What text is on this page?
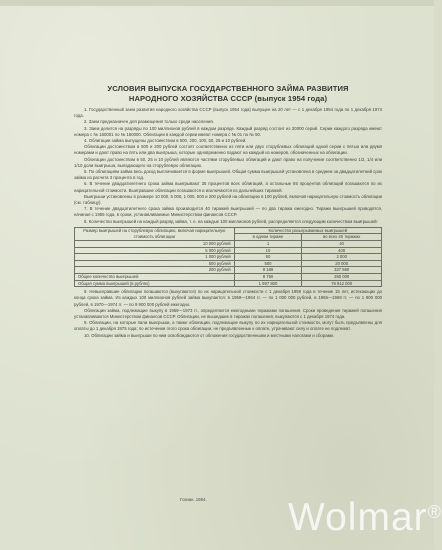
УСЛОВИЯ ВЫПУСКА ГОСУДАРСТВЕННОГО ЗАЙМА РАЗВИТИЯ
НАРОДНОГО ХОЗЯЙСТВА СССР (выпуск 1954 года)

1. Государственный заем развития народного хозяйства СССР (выпуск 1954 года) выпущен на 20 лет — с 1 декабря 1954 года по 1 декабря 1974 года.

2. Заем предназначен для размещения только среди населения.

3. Заем делится на разряды по 100 миллионов рублей в каждом разряде. Каждый разряд состоит из 20000 серий. Серии каждого разряда имеют номера с № 160001 по № 180000. Облигации в каждой серии имеют номера с № 01 по № 50.

4. Облигации займа выпущены достоинством в 500, 200, 100, 50, 25 и 10 рублей.

Облигации достоинством в 500 и 200 рублей состоят соответственно из пяти или двух сторублевых облигаций одной серии с пятью или двумя номерами и дают право на пять или два выигрыша, которые одновременно падают на каждый из номеров, обозначенных на облигации.

Облигации достоинством в 50, 25 и 10 рублей являются частями сторублевых облигаций и дают право на получение соответственно 1/2, 1/4 или 1/10 доли выигрыша, выпадающего на сторублевую облигацию.

5. По облигациям займа весь доход выплачивается в форме выигрышей. Общая сумма выигрышей установлена в среднем за двадцатилетний срок займа из расчета 3 процента в год.

6. В течение двадцатилетнего срока займа выигрывают 35 процентов всех облигаций, а остальные 65 процентов облигаций погашаются по их нарицательной стоимости. Выигравшие облигации погашаются и исключаются из дальнейших тиражей.

Выигрыши установлены в размере 10 000, 5 000, 1 000, 500 и 200 рублей на облигацию в 100 рублей, включая нарицательную стоимость облигации (см. таблицу).

7. В течение двадцатилетнего срока займа производится 40 тиражей выигрышей — по два тиража ежегодно. Тиражи выигрышей проводятся, начиная с 1955 года, в сроки, устанавливаемые Министерством финансов СССР.

8. Количество выигрышей на каждый разряд займа, т. е. на каждые 100 миллионов рублей, распределяется следующим количеством выигрышей:

Размер выигрышей на сторублевую облигацию, включая нарицательную стоимость облигации	Количество разыгрываемых выигрышей	
	в одном тираже	во всех 40 тиражах
10 000 рублей	1	40
5 000 рублей	10	400
1 000 рублей	50	2 000
500 рублей	500	20 000
200 рублей	8 189	327 560
Общее количество выигрышей	8 750	350 000
Общая сумма выигрышей (в рублях)	1 997 800	79 912 000

9. Невыигравшие облигации погашаются (выкупаются) по их нарицательной стоимости с 1 декабря 1959 года в течение 15 лет, истекающих до конца срока займа. Из каждых 100 миллионов рублей займа выкупается: в 1959—1964 гг. — по 1 000 000 рублей, в 1965—1969 гг. — по 1 900 000 рублей, в 1970—1974 гг. — по 9 900 000 рублей ежегодно.

Облигации займа, подлежащие выкупу в 1959—1973 гг., определяются ежегодными тиражами погашения. Сроки проведения тиражей погашения устанавливаются Министерством финансов СССР. Облигации, не вышедшие в тиражах погашения, выкупаются с 1 декабря 1974 года.

9. Облигации, на которые пали выигрыши, а также облигации, подлежащие выкупу по их нарицательной стоимости, могут быть предъявлены для оплаты до 1 декабря 1975 года; по истечении этого срока облигации, не предъявленные к оплате, утрачивают силу и оплате не подлежат.

10. Облигации займа и выигрыши по ним освобождаются от обложения государственными и местными налогами и сборами.

Гознак. 1954. Wolmar®
